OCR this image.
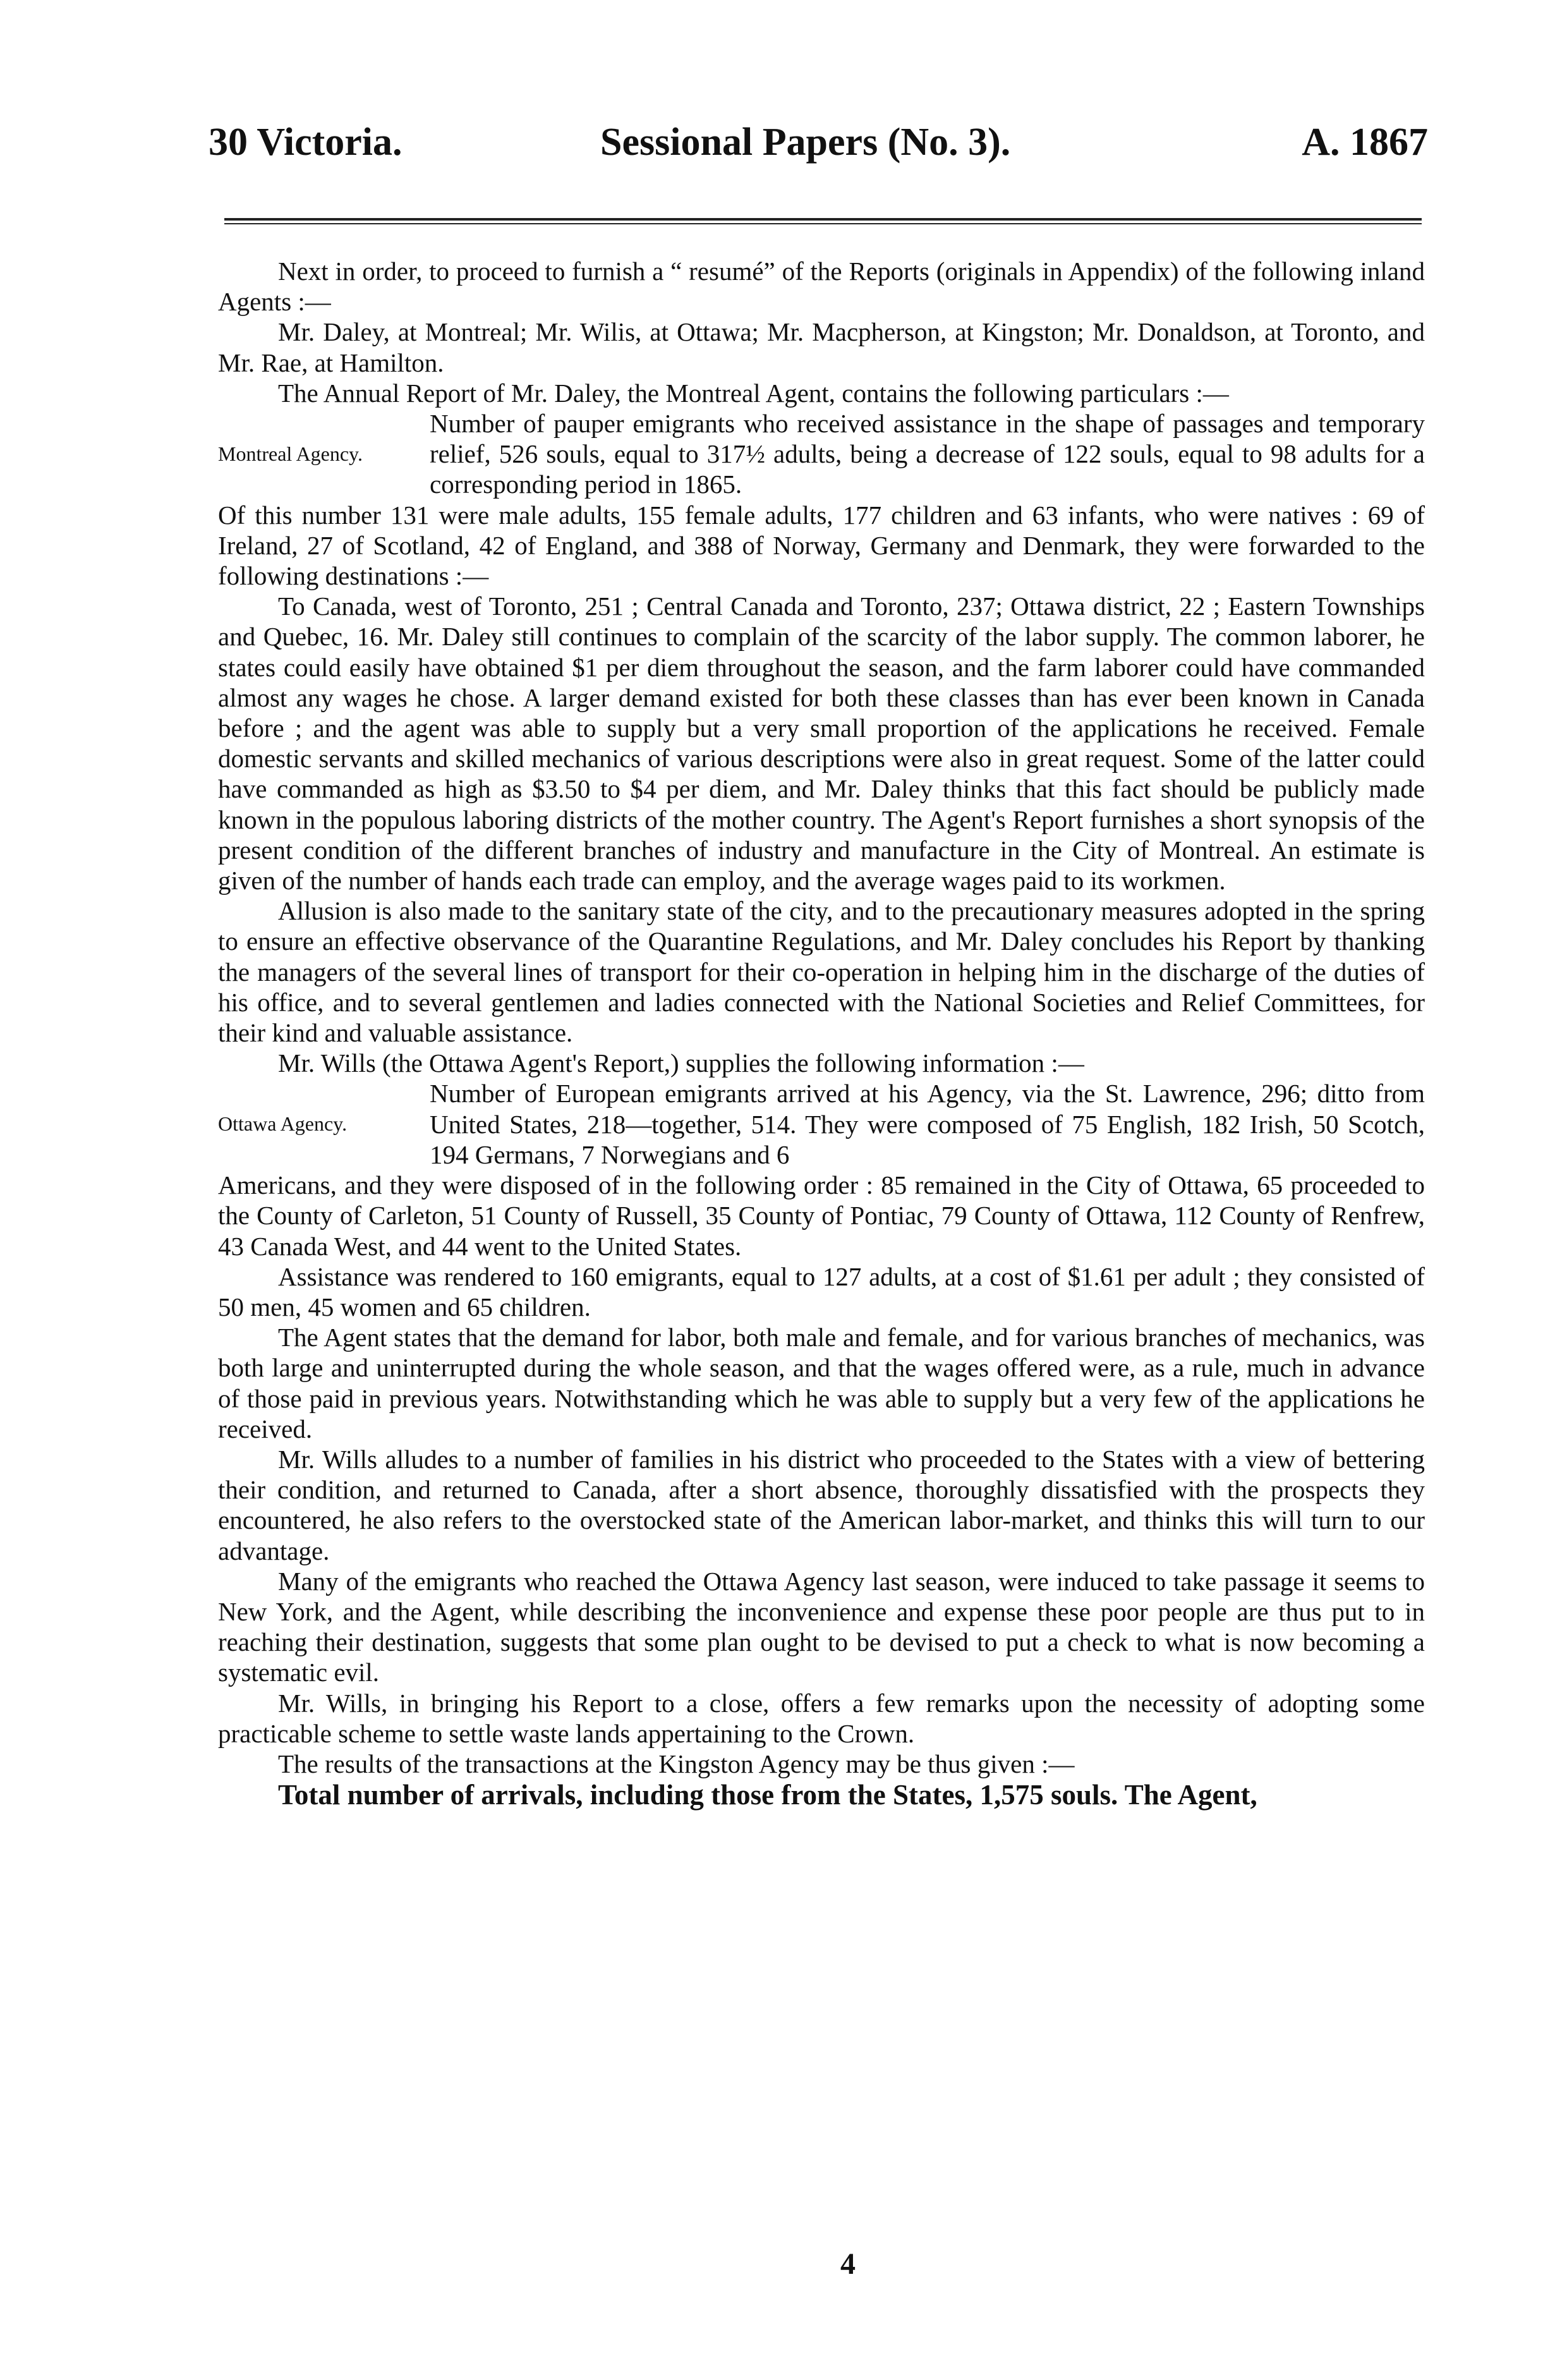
30 Victoria.	Sessional Papers (No. 3).	A. 1867

Next in order, to proceed to furnish a “ resumé” of the Reports (originals in Appendix) of the following inland Agents :—

Mr. Daley, at Montreal; Mr. Wilis, at Ottawa; Mr. Macpherson, at Kingston; Mr. Donaldson, at Toronto, and Mr. Rae, at Hamilton.

The Annual Report of Mr. Daley, the Montreal Agent, contains the following particulars :—

Montreal Agency.

Number of pauper emigrants who received assistance in the shape of passages and temporary relief, 526 souls, equal to 317½ adults, being a decrease of 122 souls, equal to 98 adults for a corresponding period in 1865.

Of this number 131 were male adults, 155 female adults, 177 children and 63 infants, who were natives : 69 of Ireland, 27 of Scotland, 42 of England, and 388 of Norway, Germany and Denmark, they were forwarded to the following destinations :—

To Canada, west of Toronto, 251 ; Central Canada and Toronto, 237; Ottawa district, 22 ; Eastern Townships and Quebec, 16. Mr. Daley still continues to complain of the scarcity of the labor supply. The common laborer, he states could easily have obtained $1 per diem throughout the season, and the farm laborer could have commanded almost any wages he chose. A larger demand existed for both these classes than has ever been known in Canada before ; and the agent was able to supply but a very small proportion of the applications he received. Female domestic servants and skilled mechanics of various descriptions were also in great request. Some of the latter could have commanded as high as $3.50 to $4 per diem, and Mr. Daley thinks that this fact should be publicly made known in the populous laboring districts of the mother country. The Agent's Report furnishes a short synopsis of the present condition of the different branches of industry and manufacture in the City of Montreal. An estimate is given of the number of hands each trade can employ, and the average wages paid to its workmen.

Allusion is also made to the sanitary state of the city, and to the precautionary measures adopted in the spring to ensure an effective observance of the Quarantine Regulations, and Mr. Daley concludes his Report by thanking the managers of the several lines of transport for their co-operation in helping him in the discharge of the duties of his office, and to several gentlemen and ladies connected with the National Societies and Relief Committees, for their kind and valuable assistance.

Mr. Wills (the Ottawa Agent's Report,) supplies the following information :—

Ottawa Agency.

Number of European emigrants arrived at his Agency, via the St. Lawrence, 296; ditto from United States, 218—together, 514. They were composed of 75 English, 182 Irish, 50 Scotch, 194 Germans, 7 Norwegians and 6

Americans, and they were disposed of in the following order : 85 remained in the City of Ottawa, 65 proceeded to the County of Carleton, 51 County of Russell, 35 County of Pontiac, 79 County of Ottawa, 112 County of Renfrew, 43 Canada West, and 44 went to the United States.

Assistance was rendered to 160 emigrants, equal to 127 adults, at a cost of $1.61 per adult ; they consisted of 50 men, 45 women and 65 children.

The Agent states that the demand for labor, both male and female, and for various branches of mechanics, was both large and uninterrupted during the whole season, and that the wages offered were, as a rule, much in advance of those paid in previous years. Notwithstanding which he was able to supply but a very few of the applications he received.

Mr. Wills alludes to a number of families in his district who proceeded to the States with a view of bettering their condition, and returned to Canada, after a short absence, thoroughly dissatisfied with the prospects they encountered, he also refers to the overstocked state of the American labor-market, and thinks this will turn to our advantage.

Many of the emigrants who reached the Ottawa Agency last season, were induced to take passage it seems to New York, and the Agent, while describing the inconvenience and expense these poor people are thus put to in reaching their destination, suggests that some plan ought to be devised to put a check to what is now becoming a systematic evil.

Mr. Wills, in bringing his Report to a close, offers a few remarks upon the necessity of adopting some practicable scheme to settle waste lands appertaining to the Crown.

The results of the transactions at the Kingston Agency may be thus given :—

Total number of arrivals, including those from the States, 1,575 souls. The Agent,

4
